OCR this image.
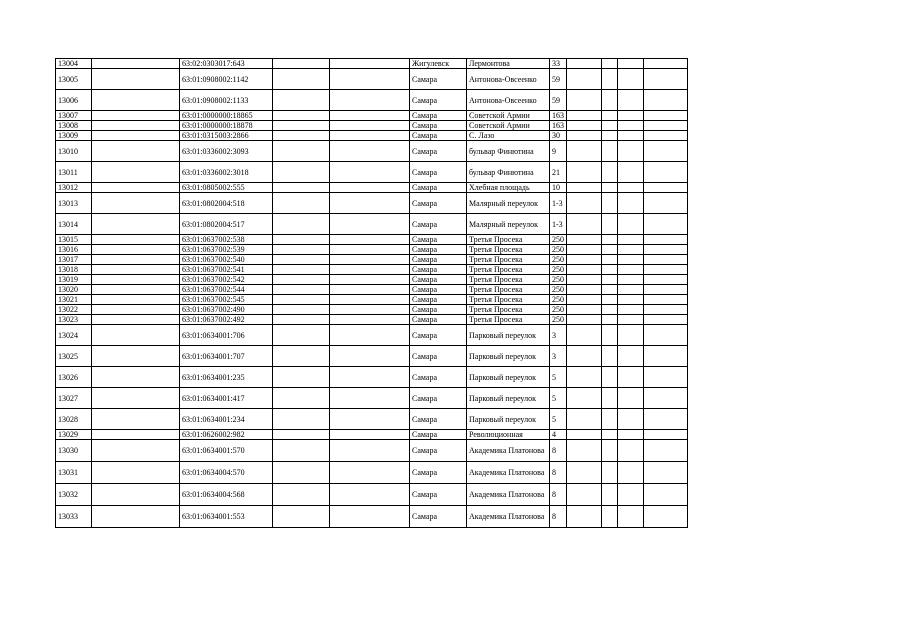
13004		63:02:0303017:643			Жигулевск	Лермонтова	33				
13005		63:01:0908002:1142			Самара	Антонова-Овсеенко	59				
13006		63:01:0908002:1133			Самара	Антонова-Овсеенко	59				
13007		63:01:0000000:18865			Самара	Советской Армии	163				
13008		63:01:0000000:18878			Самара	Советской Армии	163				
13009		63:01:0315003:2866			Самара	С. Лазо	30				
13010		63:01:0336002:3093			Самара	бульвар Финютина	9				
13011		63:01:0336002:3018			Самара	бульвар Финютина	21				
13012		63:01:0805002:555			Самара	Хлебная площадь	10				
13013		63:01:0802004:518			Самара	Малярный переулок	1-3				
13014		63:01:0802004:517			Самара	Малярный переулок	1-3				
13015		63:01:0637002:538			Самара	Третья Просека	250				
13016		63:01:0637002:539			Самара	Третья Просека	250				
13017		63:01:0637002:540			Самара	Третья Просека	250				
13018		63:01:0637002:541			Самара	Третья Просека	250				
13019		63:01:0637002:542			Самара	Третья Просека	250				
13020		63:01:0637002:544			Самара	Третья Просека	250				
13021		63:01:0637002:545			Самара	Третья Просека	250				
13022		63:01:0637002:490			Самара	Третья Просека	250				
13023		63:01:0637002:492			Самара	Третья Просека	250				
13024		63:01:0634001:706			Самара	Парковый переулок	3				
13025		63:01:0634001:707			Самара	Парковый переулок	3				
13026		63:01:0634001:235			Самара	Парковый переулок	5				
13027		63:01:0634001:417			Самара	Парковый переулок	5				
13028		63:01:0634001:234			Самара	Парковый переулок	5				
13029		63:01:0626002:982			Самара	Революционная	4				
13030		63:01:0634001:570			Самара	Академика Платонова	8				
13031		63:01:0634004:570			Самара	Академика Платонова	8				
13032		63:01:0634004:568			Самара	Академика Платонова	8				
13033		63:01:0634001:553			Самара	Академика Платонова	8				
